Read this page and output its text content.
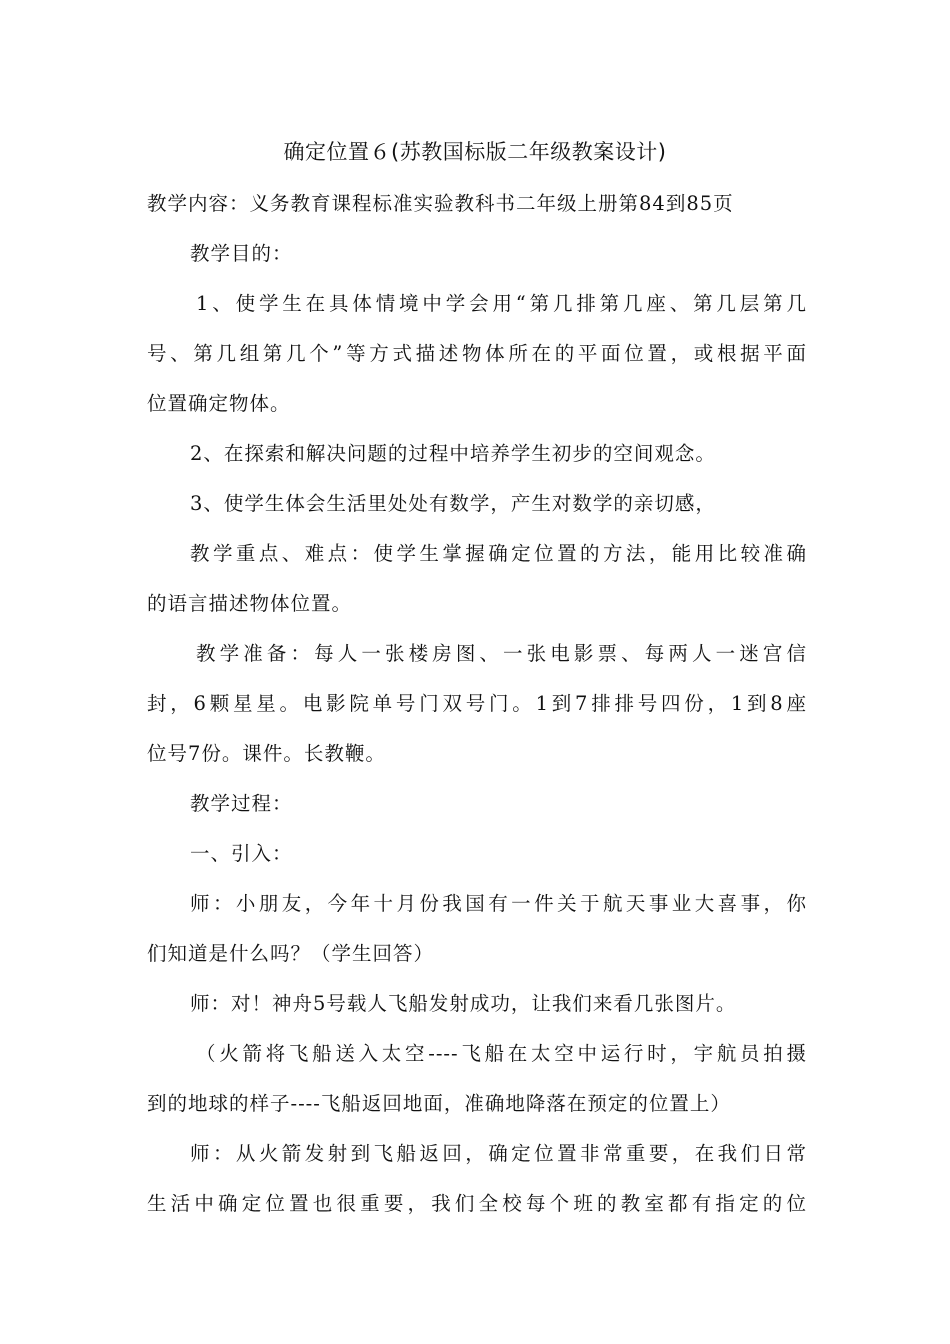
确定位置６(苏教国标版二年级教案设计)
教学内容：义务教育课程标准实验教科书二年级上册第84到85页
教学目的：
1、使学生在具体情境中学会用“第几排第几座、第几层第几
号、第几组第几个”等方式描述物体所在的平面位置，或根据平面
位置确定物体。
2、在探索和解决问题的过程中培养学生初步的空间观念。
3、使学生体会生活里处处有数学，产生对数学的亲切感，
教学重点、难点：使学生掌握确定位置的方法，能用比较准确
的语言描述物体位置。
教学准备：每人一张楼房图、一张电影票、每两人一迷宫信
封，6颗星星。电影院单号门双号门。1到7排排号四份，1到8座
位号7份。课件。长教鞭。
教学过程：
一、引入：
师：小朋友，今年十月份我国有一件关于航天事业大喜事，你
们知道是什么吗？（学生回答）
师：对！神舟5号载人飞船发射成功，让我们来看几张图片。
（火箭将飞船送入太空----飞船在太空中运行时，宇航员拍摄
到的地球的样子----飞船返回地面，准确地降落在预定的位置上）
师：从火箭发射到飞船返回，确定位置非常重要，在我们日常
生活中确定位置也很重要，我们全校每个班的教室都有指定的位
